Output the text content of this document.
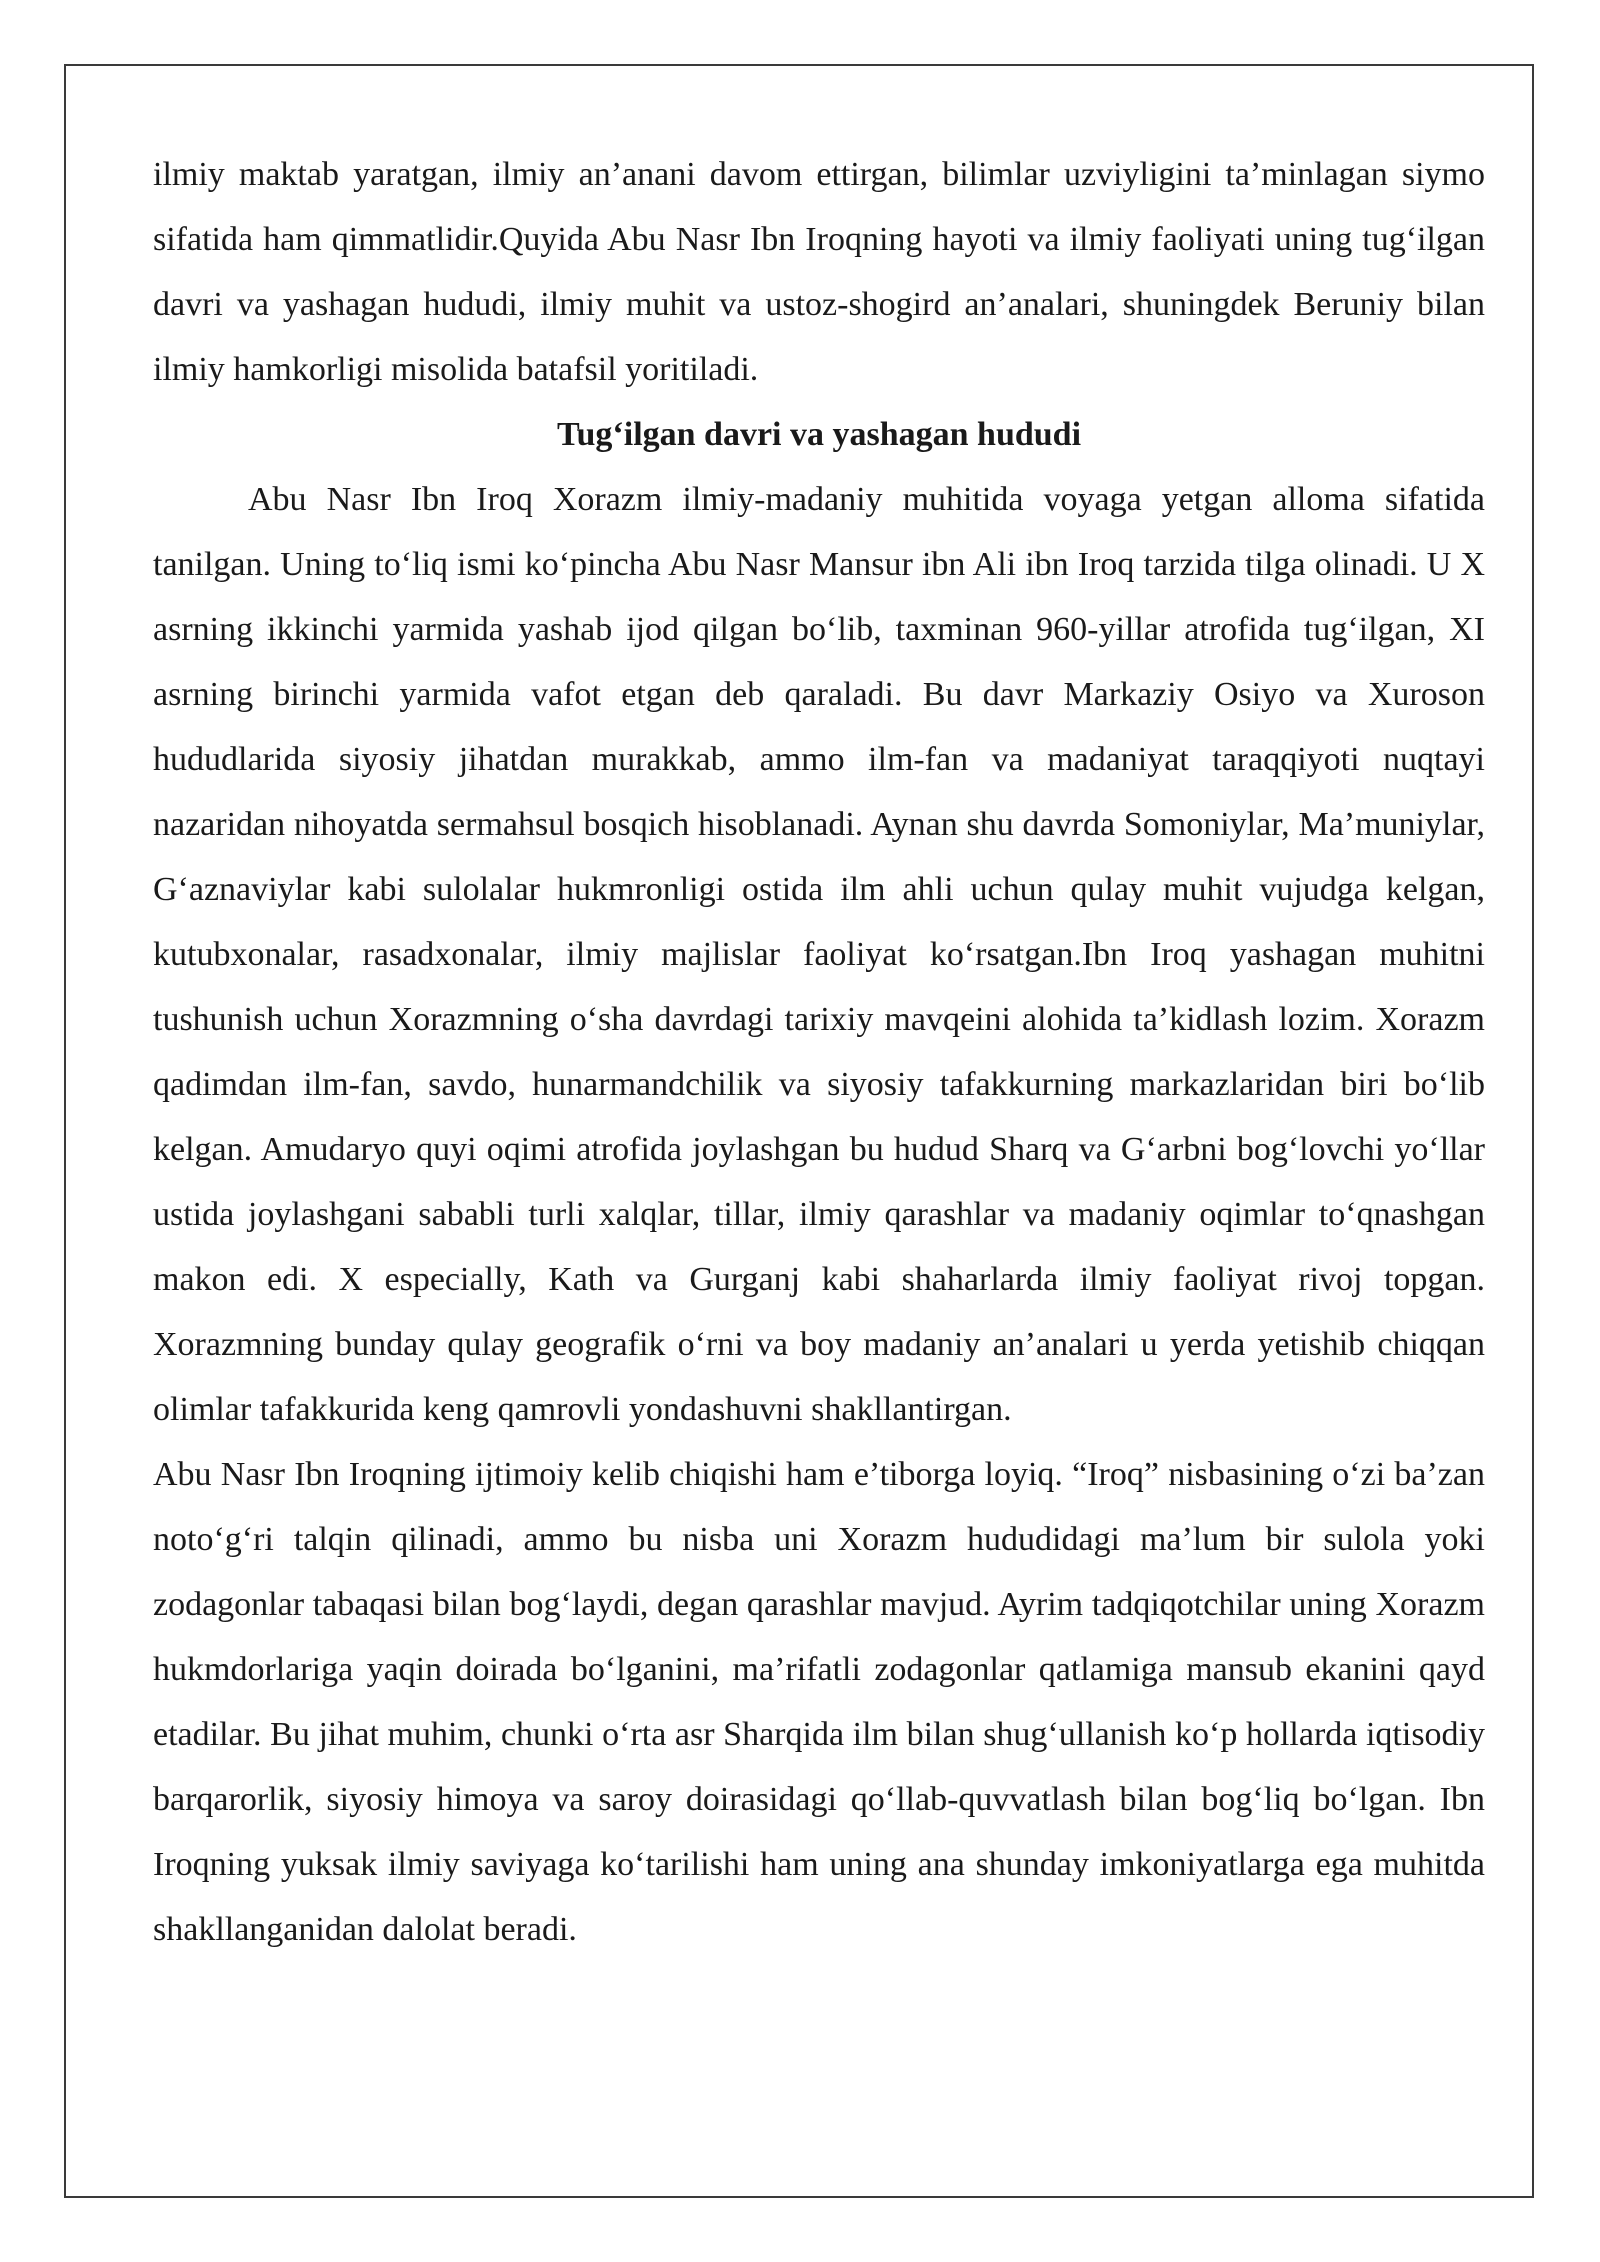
ilmiy maktab yaratgan, ilmiy an’anani davom ettirgan, bilimlar uzviyligini ta’minlagan siymo sifatida ham qimmatlidir.Quyida Abu Nasr Ibn Iroqning hayoti va ilmiy faoliyati uning tug‘ilgan davri va yashagan hududi, ilmiy muhit va ustoz-shogird an’analari, shuningdek Beruniy bilan ilmiy hamkorligi misolida batafsil yoritiladi.

Tug‘ilgan davri va yashagan hududi

Abu Nasr Ibn Iroq Xorazm ilmiy-madaniy muhitida voyaga yetgan alloma sifatida tanilgan. Uning to‘liq ismi ko‘pincha Abu Nasr Mansur ibn Ali ibn Iroq tarzida tilga olinadi. U X asrning ikkinchi yarmida yashab ijod qilgan bo‘lib, taxminan 960-yillar atrofida tug‘ilgan, XI asrning birinchi yarmida vafot etgan deb qaraladi. Bu davr Markaziy Osiyo va Xuroson hududlarida siyosiy jihatdan murakkab, ammo ilm-fan va madaniyat taraqqiyoti nuqtayi nazaridan nihoyatda sermahsul bosqich hisoblanadi. Aynan shu davrda Somoniylar, Ma’muniylar, G‘aznaviylar kabi sulolalar hukmronligi ostida ilm ahli uchun qulay muhit vujudga kelgan, kutubxonalar, rasadxonalar, ilmiy majlislar faoliyat ko‘rsatgan.Ibn Iroq yashagan muhitni tushunish uchun Xorazmning o‘sha davrdagi tarixiy mavqeini alohida ta’kidlash lozim. Xorazm qadimdan ilm-fan, savdo, hunarmandchilik va siyosiy tafakkurning markazlaridan biri bo‘lib kelgan. Amudaryo quyi oqimi atrofida joylashgan bu hudud Sharq va G‘arbni bog‘lovchi yo‘llar ustida joylashgani sababli turli xalqlar, tillar, ilmiy qarashlar va madaniy oqimlar to‘qnashgan makon edi. X especially, Kath va Gurganj kabi shaharlarda ilmiy faoliyat rivoj topgan. Xorazmning bunday qulay geografik o‘rni va boy madaniy an’analari u yerda yetishib chiqqan olimlar tafakkurida keng qamrovli yondashuvni shakllantirgan.

Abu Nasr Ibn Iroqning ijtimoiy kelib chiqishi ham e’tiborga loyiq. “Iroq” nisbasining o‘zi ba’zan noto‘g‘ri talqin qilinadi, ammo bu nisba uni Xorazm hududidagi ma’lum bir sulola yoki zodagonlar tabaqasi bilan bog‘laydi, degan qarashlar mavjud. Ayrim tadqiqotchilar uning Xorazm hukmdorlariga yaqin doirada bo‘lganini, ma’rifatli zodagonlar qatlamiga mansub ekanini qayd etadilar. Bu jihat muhim, chunki o‘rta asr Sharqida ilm bilan shug‘ullanish ko‘p hollarda iqtisodiy barqarorlik, siyosiy himoya va saroy doirasidagi qo‘llab-quvvatlash bilan bog‘liq bo‘lgan. Ibn Iroqning yuksak ilmiy saviyaga ko‘tarilishi ham uning ana shunday imkoniyatlarga ega muhitda shakllanganidan dalolat beradi.
